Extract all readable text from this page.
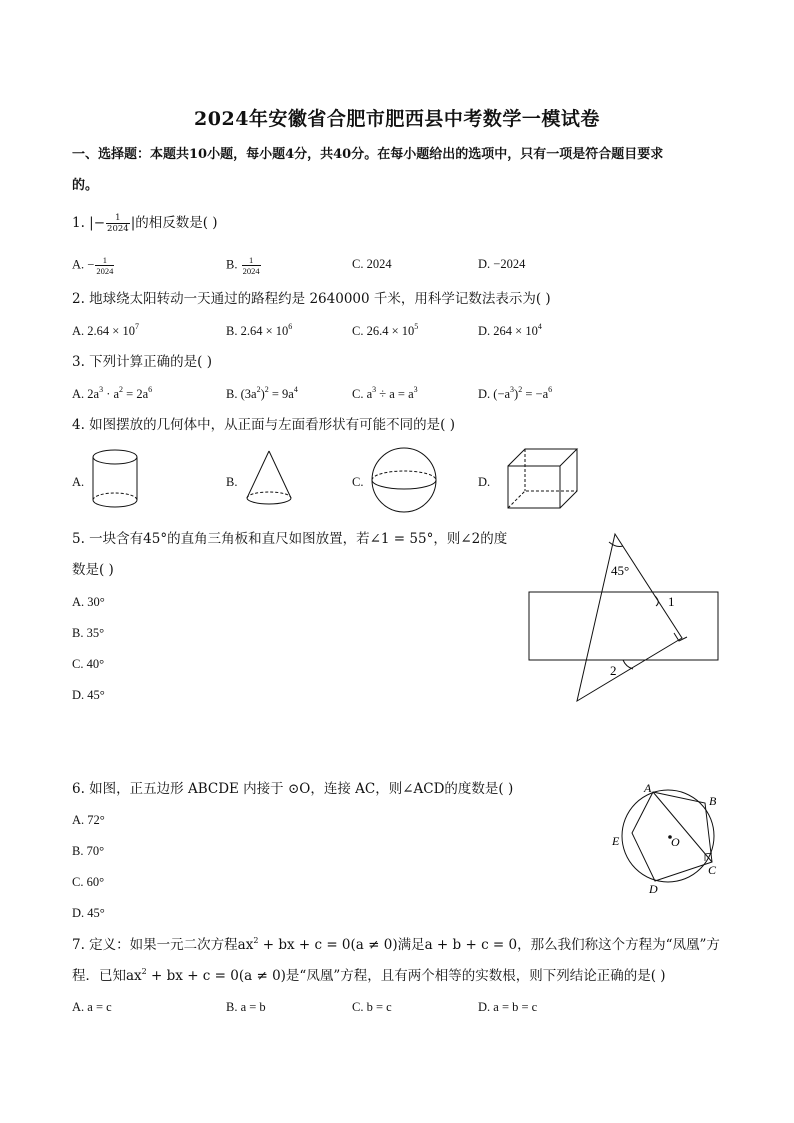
2024年安徽省合肥市肥西县中考数学一模试卷
一、选择题：本题共10小题，每小题4分，共40分。在每小题给出的选项中，只有一项是符合题目要求
的。
1. |− $\frac{1}{2024}$ |的相反数是( )
A. − $\frac{1}{2024}$	B. $\frac{1}{2024}$	C. 2024	D. −2024
2. 地球绕太阳转动一天通过的路程约是 2640000 千米，用科学记数法表示为( )
A. $2.64 \times 10^7$	B. $2.64 \times 10^6$	C. $26.4 \times 10^5$	D. $264 \times 10^4$
3. 下列计算正确的是( )
A. $2a^3 \cdot a^2 = 2a^6$	B. $(3a^2)^2 = 9a^4$	C. $a^3 \div a = a^3$	D. $(-a^3)^2 = -a^6$
4. 如图摆放的几何体中，从正面与左面看形状有可能不同的是( )
A.	B.	C.	D.
5. 一块含有45°的直角三角板和直尺如图放置，若∠1 = 55°，则∠2的度
数是( )
A. 30°
B. 35°
C. 40°
D. 45°
45°
1
2
6. 如图，正五边形 ABCDE 内接于 ⊙O，连接 AC，则∠ACD的度数是( )
A. 72°
B. 70°
C. 60°
D. 45°
A
B
C
D
E	O
7. 定义：如果一元二次方程$ax^2$ + bx + c = 0(a ≠ 0)满足a + b + c = 0，那么我们称这个方程为“凤凰”方
程．已知$ax^2$ + bx + c = 0(a ≠ 0)是“凤凰”方程，且有两个相等的实数根，则下列结论正确的是( )
A. a = c	B. a = b	C. b = c	D. a = b = c
